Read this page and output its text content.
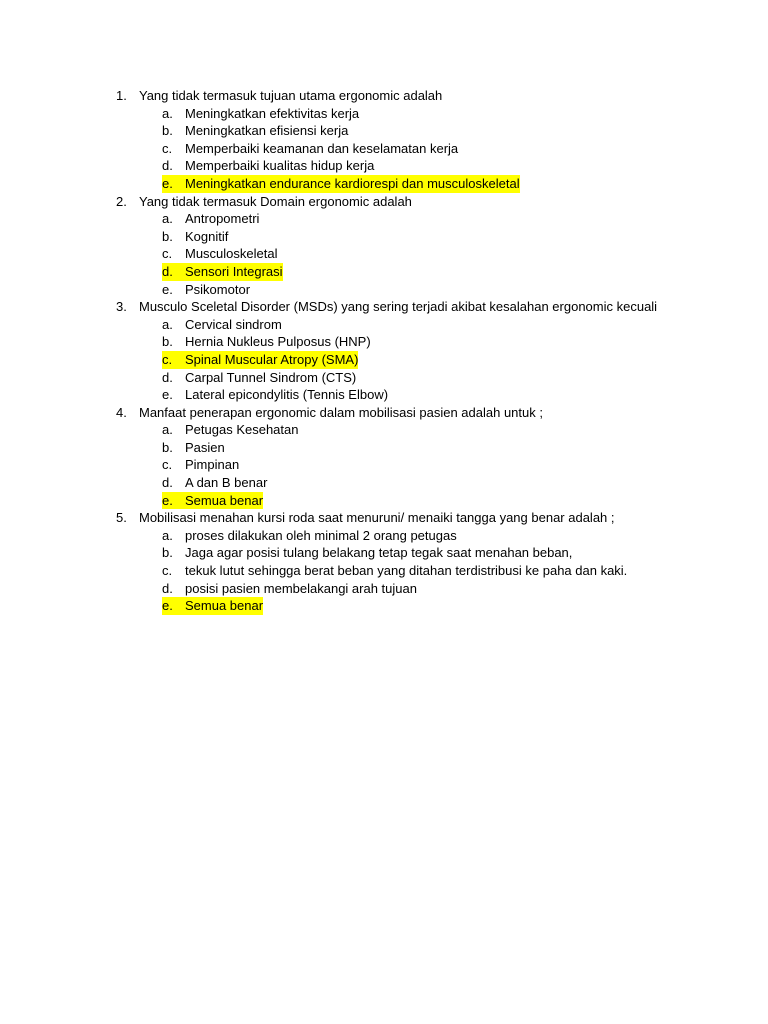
1. Yang tidak termasuk tujuan utama ergonomic adalah
a. Meningkatkan efektivitas kerja
b. Meningkatkan efisiensi kerja
c. Memperbaiki keamanan dan keselamatan kerja
d. Memperbaiki kualitas hidup kerja
e. Meningkatkan endurance kardiorespi dan musculoskeletal
2. Yang tidak termasuk Domain ergonomic adalah
a. Antropometri
b. Kognitif
c. Musculoskeletal
d. Sensori Integrasi
e. Psikomotor
3. Musculo Sceletal Disorder (MSDs) yang sering terjadi akibat kesalahan ergonomic kecuali
a. Cervical sindrom
b. Hernia Nukleus Pulposus (HNP)
c. Spinal Muscular Atropy (SMA)
d. Carpal Tunnel Sindrom (CTS)
e. Lateral epicondylitis (Tennis Elbow)
4. Manfaat penerapan ergonomic dalam mobilisasi pasien adalah untuk ;
a. Petugas Kesehatan
b. Pasien
c. Pimpinan
d. A dan B benar
e. Semua benar
5. Mobilisasi menahan kursi roda saat menuruni/ menaiki tangga yang benar adalah ;
a. proses dilakukan oleh minimal 2 orang petugas
b. Jaga agar posisi tulang belakang tetap tegak saat menahan beban,
c. tekuk lutut sehingga berat beban yang ditahan terdistribusi ke paha dan kaki.
d. posisi pasien membelakangi arah tujuan
e. Semua benar
